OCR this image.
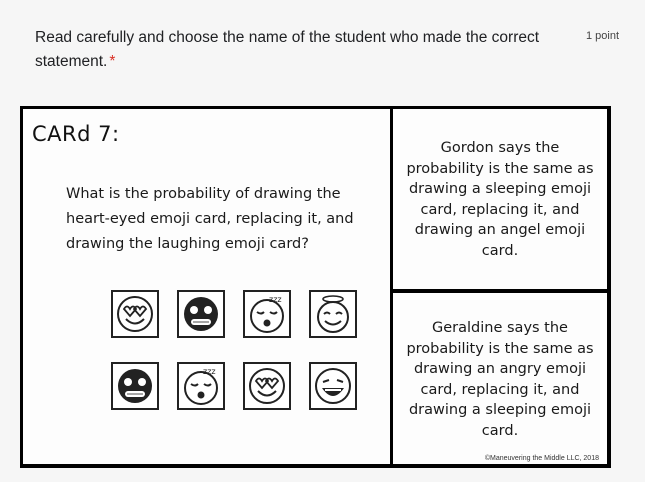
Read carefully and choose the name of the student who made the correct statement. *
1 point
CARd 7:
What is the probability of drawing the heart-eyed emoji card, replacing it, and drawing the laughing emoji card?
zzz
zzz
Gordon says the probability is the same as drawing a sleeping emoji card, replacing it, and drawing an angel emoji card.
Geraldine says the probability is the same as drawing an angry emoji card, replacing it, and drawing a sleeping emoji card.
©Maneuvering the Middle LLC, 2018
